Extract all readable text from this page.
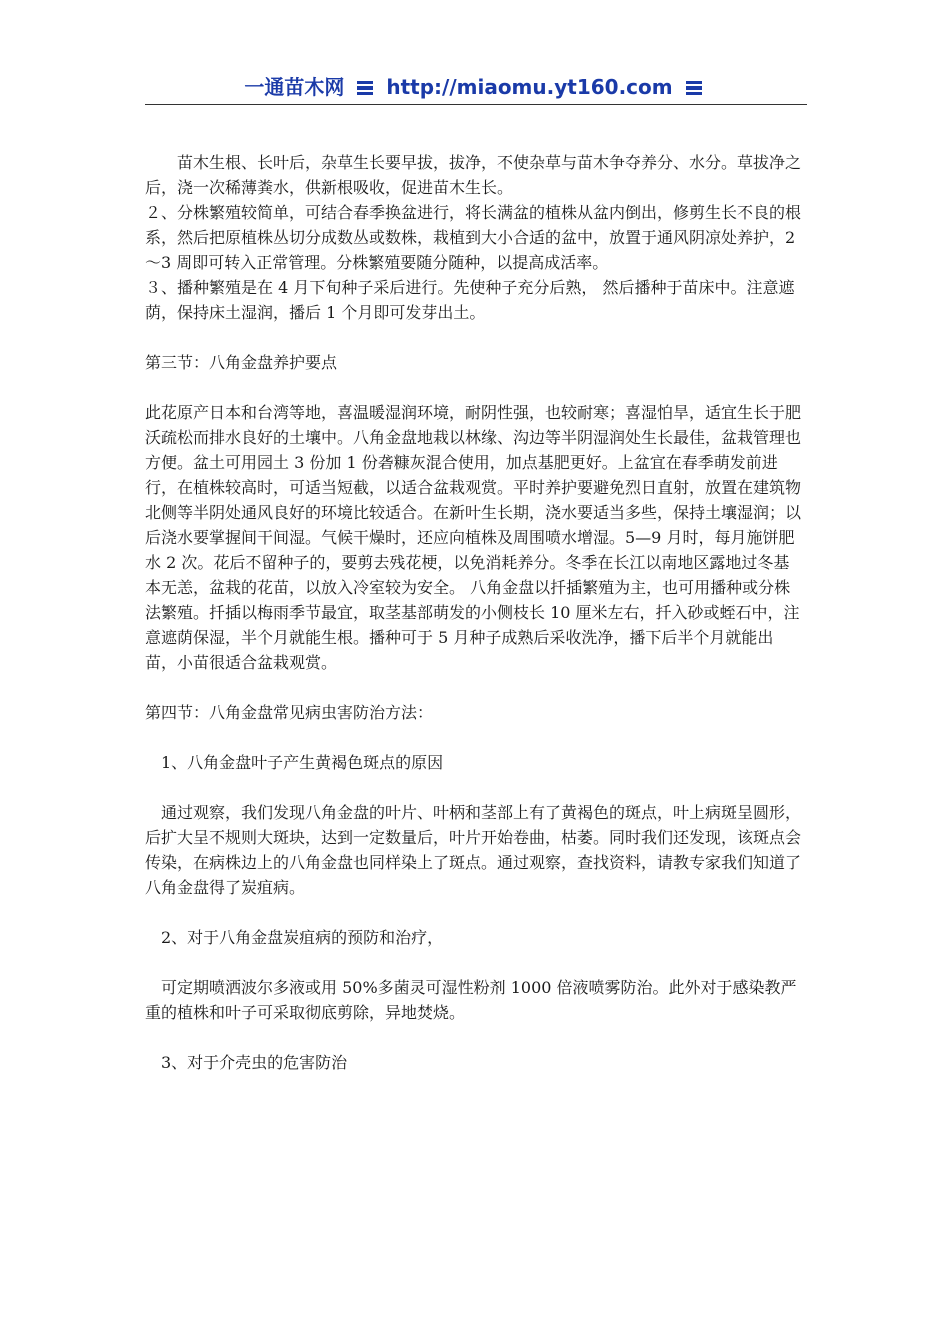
一通苗木网 http://miaomu.yt160.com

苗木生根、长叶后，杂草生长要早拔，拔净，不使杂草与苗木争夺养分、水分。草拔净之后，浇一次稀薄粪水，供新根吸收，促进苗木生长。

２、分株繁殖较简单，可结合春季换盆进行，将长满盆的植株从盆内倒出，修剪生长不良的根系，然后把原植株丛切分成数丛或数株，栽植到大小合适的盆中，放置于通风阴凉处养护，2～3 周即可转入正常管理。分株繁殖要随分随种，以提高成活率。

３、播种繁殖是在 4 月下旬种子采后进行。先使种子充分后熟， 然后播种于苗床中。注意遮荫，保持床土湿润，播后 1 个月即可发芽出土。

第三节：八角金盘养护要点

此花原产日本和台湾等地，喜温暖湿润环境，耐阴性强，也较耐寒；喜湿怕旱，适宜生长于肥沃疏松而排水良好的土壤中。八角金盘地栽以林缘、沟边等半阴湿润处生长最佳，盆栽管理也方便。盆土可用园土 3 份加 1 份砻糠灰混合使用，加点基肥更好。上盆宜在春季萌发前进行，在植株较高时，可适当短截，以适合盆栽观赏。平时养护要避免烈日直射，放置在建筑物北侧等半阴处通风良好的环境比较适合。在新叶生长期，浇水要适当多些，保持土壤湿润；以后浇水要掌握间干间湿。气候干燥时，还应向植株及周围喷水增湿。5—9 月时，每月施饼肥水 2 次。花后不留种子的，要剪去残花梗，以免消耗养分。冬季在长江以南地区露地过冬基本无恙，盆栽的花苗，以放入冷室较为安全。 八角金盘以扦插繁殖为主，也可用播种或分株法繁殖。扦插以梅雨季节最宜，取茎基部萌发的小侧枝长 10 厘米左右，扦入砂或蛭石中，注意遮荫保湿，半个月就能生根。播种可于 5 月种子成熟后采收洗净，播下后半个月就能出苗，小苗很适合盆栽观赏。

第四节：八角金盘常见病虫害防治方法：

1、八角金盘叶子产生黄褐色斑点的原因

通过观察，我们发现八角金盘的叶片、叶柄和茎部上有了黄褐色的斑点，叶上病斑呈圆形，后扩大呈不规则大斑块，达到一定数量后，叶片开始卷曲，枯萎。同时我们还发现，该斑点会传染，在病株边上的八角金盘也同样染上了斑点。通过观察，查找资料，请教专家我们知道了八角金盘得了炭疽病。

2、对于八角金盘炭疽病的预防和治疗，

可定期喷洒波尔多液或用 50%多菌灵可湿性粉剂 1000 倍液喷雾防治。此外对于感染教严重的植株和叶子可采取彻底剪除，异地焚烧。

3、对于介壳虫的危害防治
